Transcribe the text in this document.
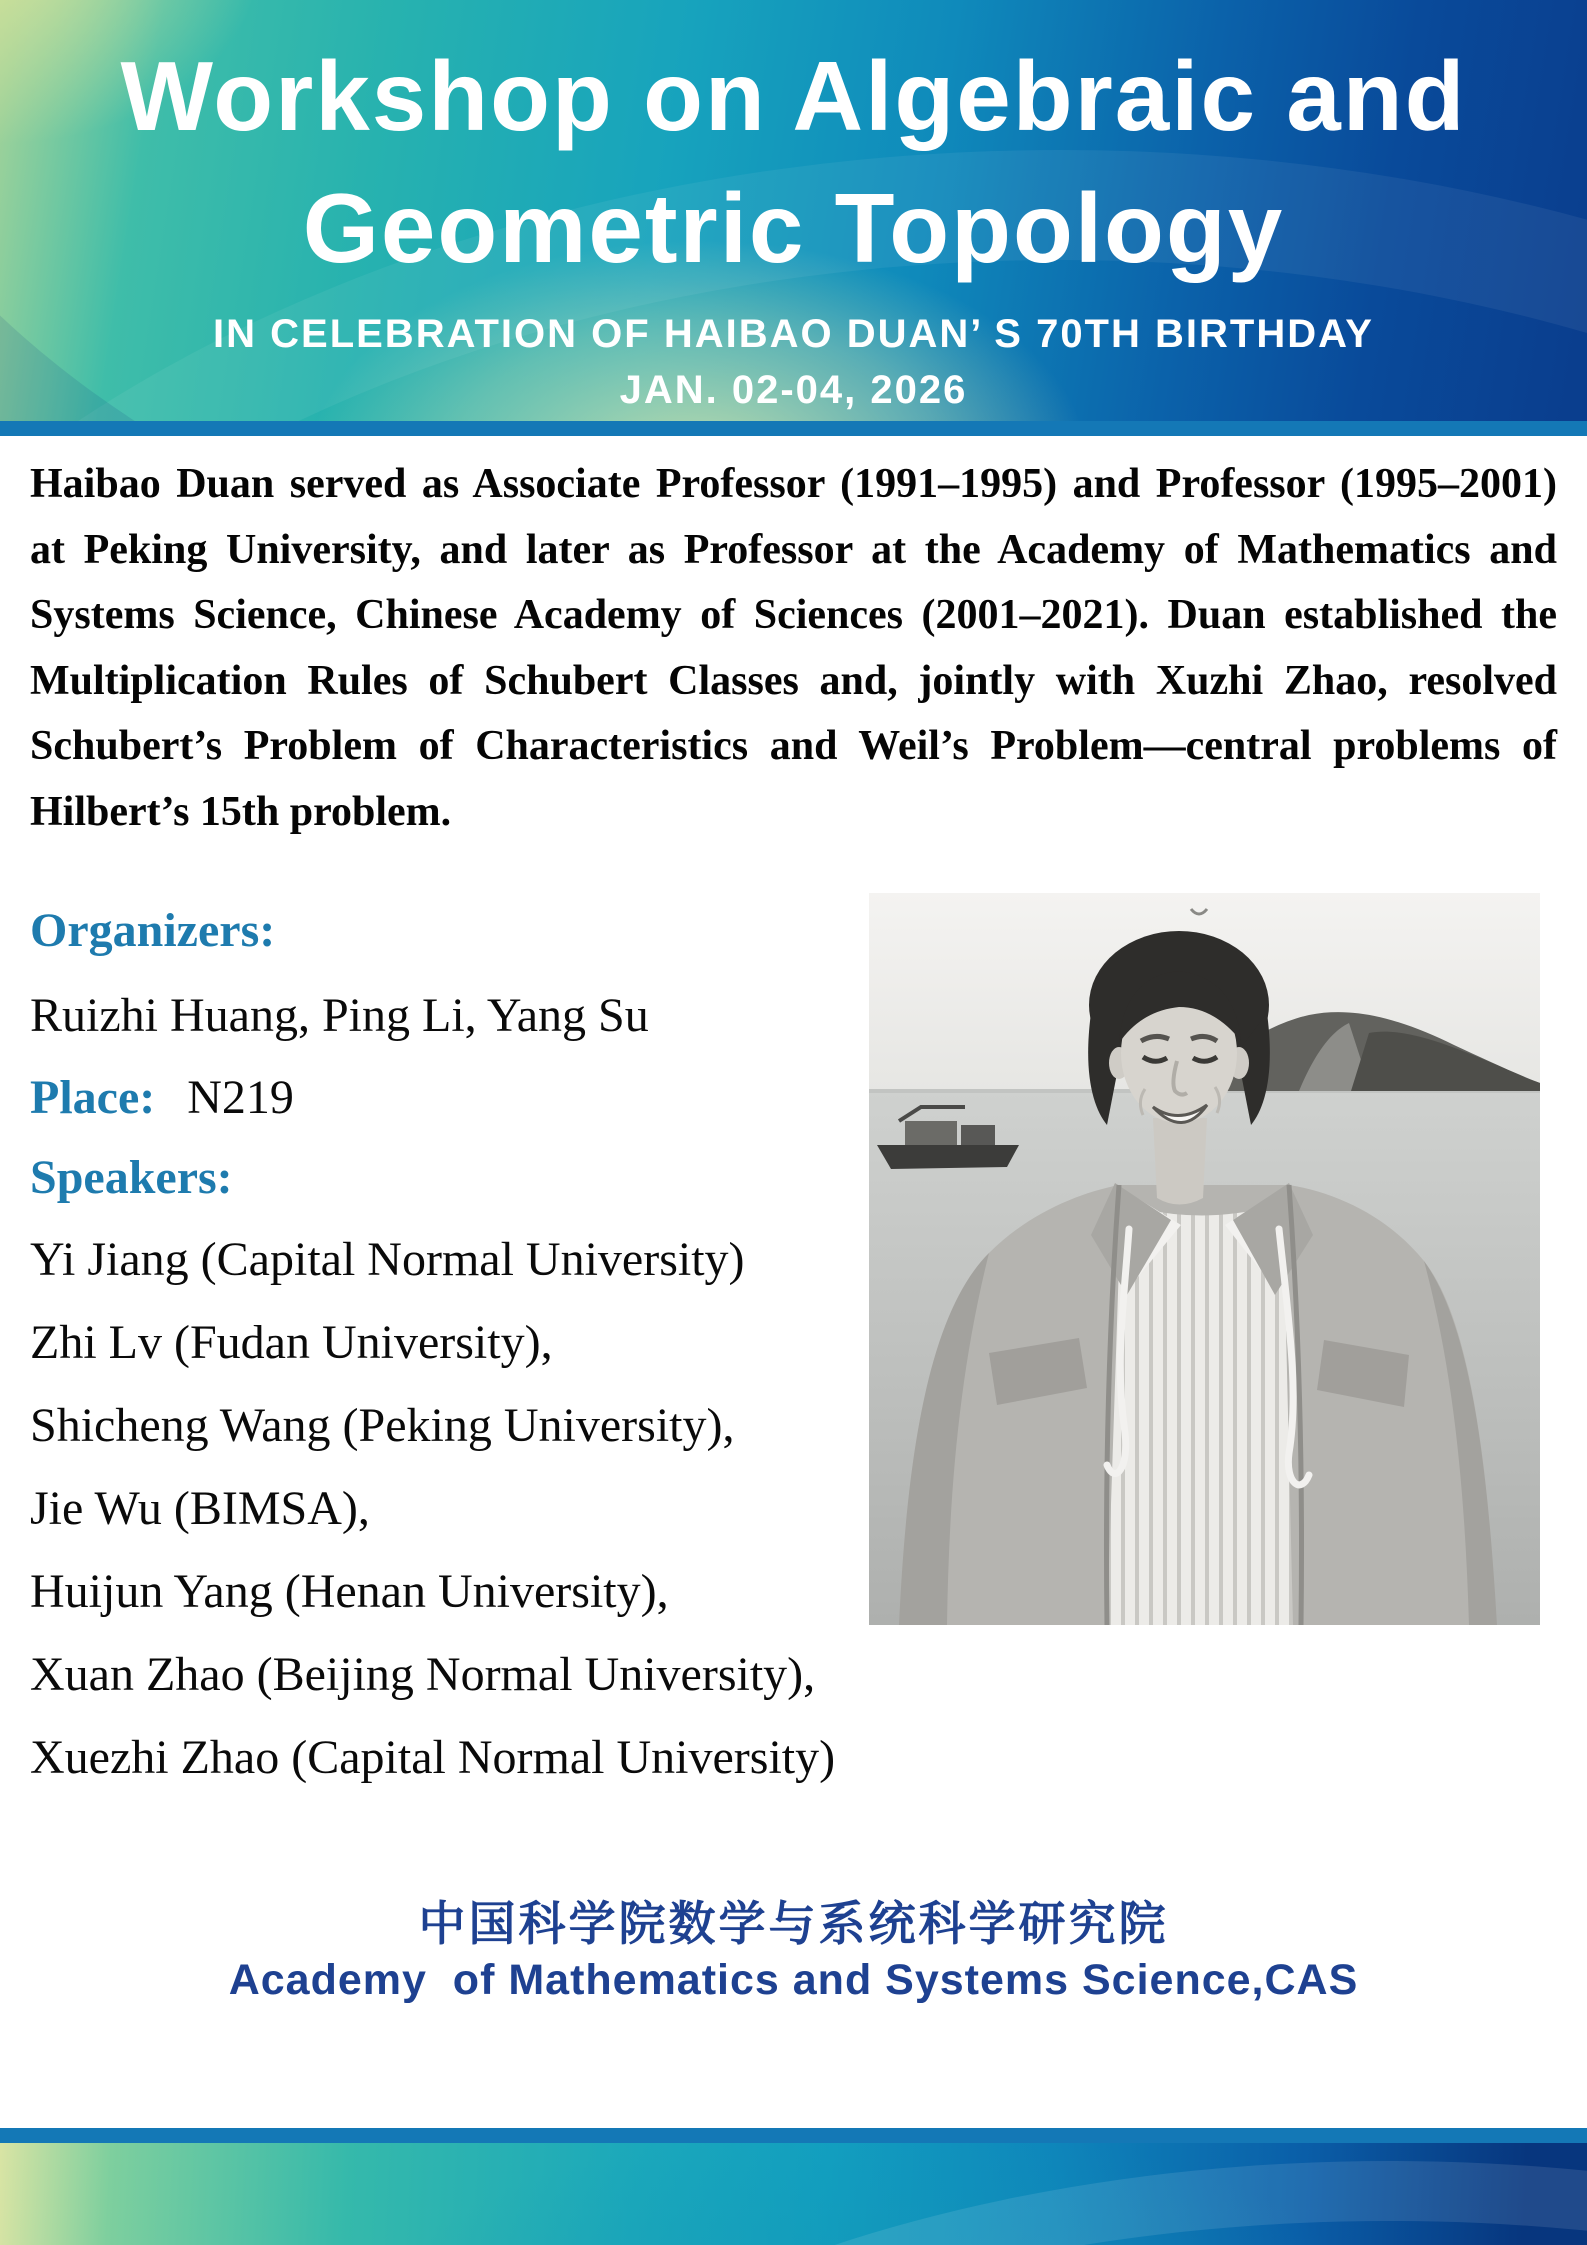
Workshop on Algebraic and
Geometric Topology
IN CELEBRATION OF HAIBAO DUAN’ S 70TH BIRTHDAY
JAN. 02-04, 2026

Haibao Duan served as Associate Professor (1991–1995) and Professor (1995–2001) at Peking University, and later as Professor at the Academy of Mathematics and Systems Science, Chinese Academy of Sciences (2001–2021). Duan established the Multiplication Rules of Schubert Classes and, jointly with Xuzhi Zhao, resolved Schubert’s Problem of Characteristics and Weil’s Problem—central problems of Hilbert’s 15th problem.

Organizers:
Ruizhi Huang, Ping Li, Yang Su
Place: N219
Speakers:
Yi Jiang (Capital Normal University)
Zhi Lv (Fudan University),
Shicheng Wang (Peking University),
Jie Wu (BIMSA),
Huijun Yang (Henan University),
Xuan Zhao (Beijing Normal University),
Xuezhi Zhao (Capital Normal University)
中国科学院数学与系统科学研究院
Academy  of Mathematics and Systems Science,CAS
